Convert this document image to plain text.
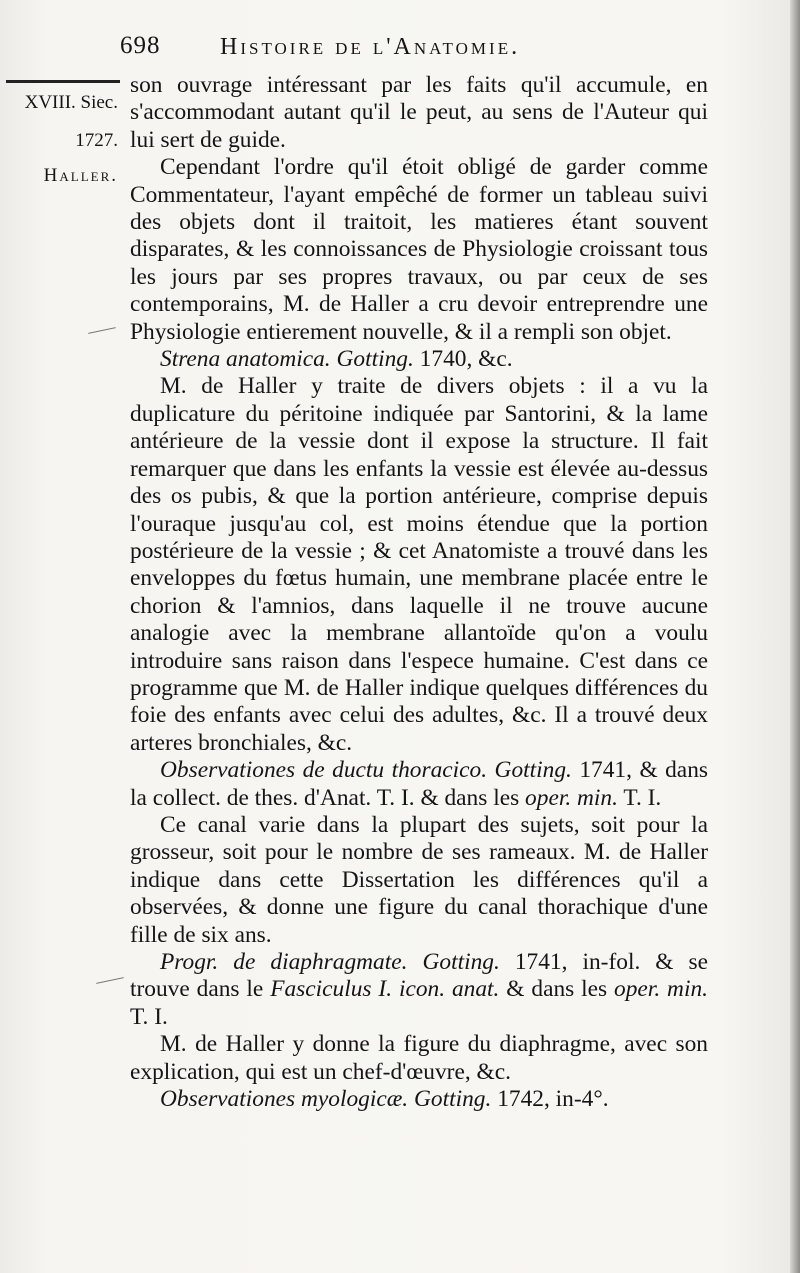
698 Histoire de l'Anatomie.
XVIII. Siec.
1727.
Haller.

son ouvrage intéressant par les faits qu'il accumule, en s'accommodant autant qu'il le peut, au sens de l'Auteur qui lui sert de guide.

Cependant l'ordre qu'il étoit obligé de garder comme Commentateur, l'ayant empêché de former un tableau suivi des objets dont il traitoit, les matieres étant souvent disparates, & les connoissances de Physiologie croissant tous les jours par ses propres travaux, ou par ceux de ses contemporains, M. de Haller a cru devoir entreprendre une Physiologie entierement nouvelle, & il a rempli son objet.

Strena anatomica. Gotting. 1740, &c.

M. de Haller y traite de divers objets : il a vu la duplicature du péritoine indiquée par Santorini, & la lame antérieure de la vessie dont il expose la structure. Il fait remarquer que dans les enfants la vessie est élevée au-dessus des os pubis, & que la portion antérieure, comprise depuis l'ouraque jusqu'au col, est moins étendue que la portion postérieure de la vessie ; & cet Anatomiste a trouvé dans les enveloppes du fœtus humain, une membrane placée entre le chorion & l'amnios, dans laquelle il ne trouve aucune analogie avec la membrane allantoïde qu'on a voulu introduire sans raison dans l'espece humaine. C'est dans ce programme que M. de Haller indique quelques différences du foie des enfants avec celui des adultes, &c. Il a trouvé deux arteres bronchiales, &c.

Observationes de ductu thoracico. Gotting. 1741, & dans la collect. de thes. d'Anat. T. I. & dans les oper. min. T. I.

Ce canal varie dans la plupart des sujets, soit pour la grosseur, soit pour le nombre de ses rameaux. M. de Haller indique dans cette Dissertation les différences qu'il a observées, & donne une figure du canal thorachique d'une fille de six ans.

Progr. de diaphragmate. Gotting. 1741, in-fol. & se trouve dans le Fasciculus I. icon. anat. & dans les oper. min. T. I.

M. de Haller y donne la figure du diaphragme, avec son explication, qui est un chef-d'œuvre, &c.

Observationes myologicæ. Gotting. 1742, in-4°.
